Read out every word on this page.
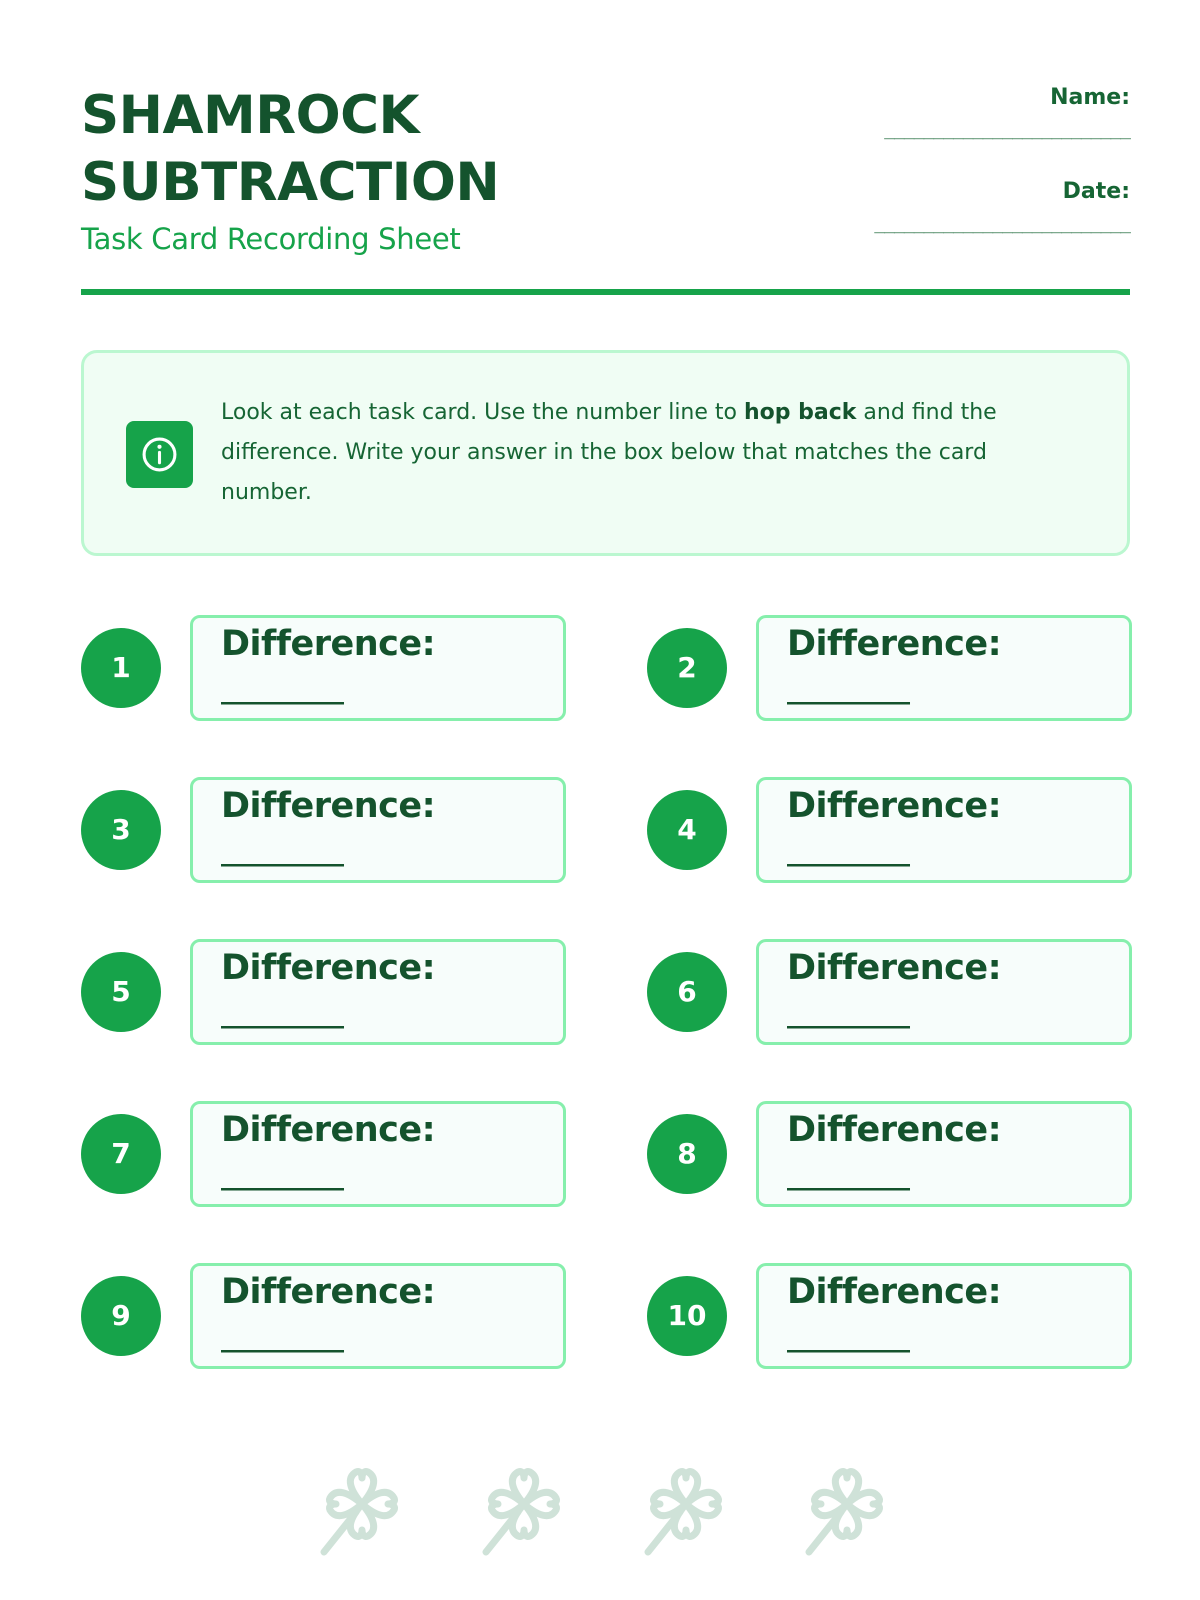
SHAMROCK
SUBTRACTION
Task Card Recording Sheet
Name:
_________________________
Date:
__________________________
Look at each task card. Use the number line to hop back and find the difference. Write your answer in the box below that matches the card number.
1
Difference:
________
2
Difference:
________
3
Difference:
________
4
Difference:
________
5
Difference:
________
6
Difference:
________
7
Difference:
________
8
Difference:
________
9
Difference:
________
10
Difference:
________
